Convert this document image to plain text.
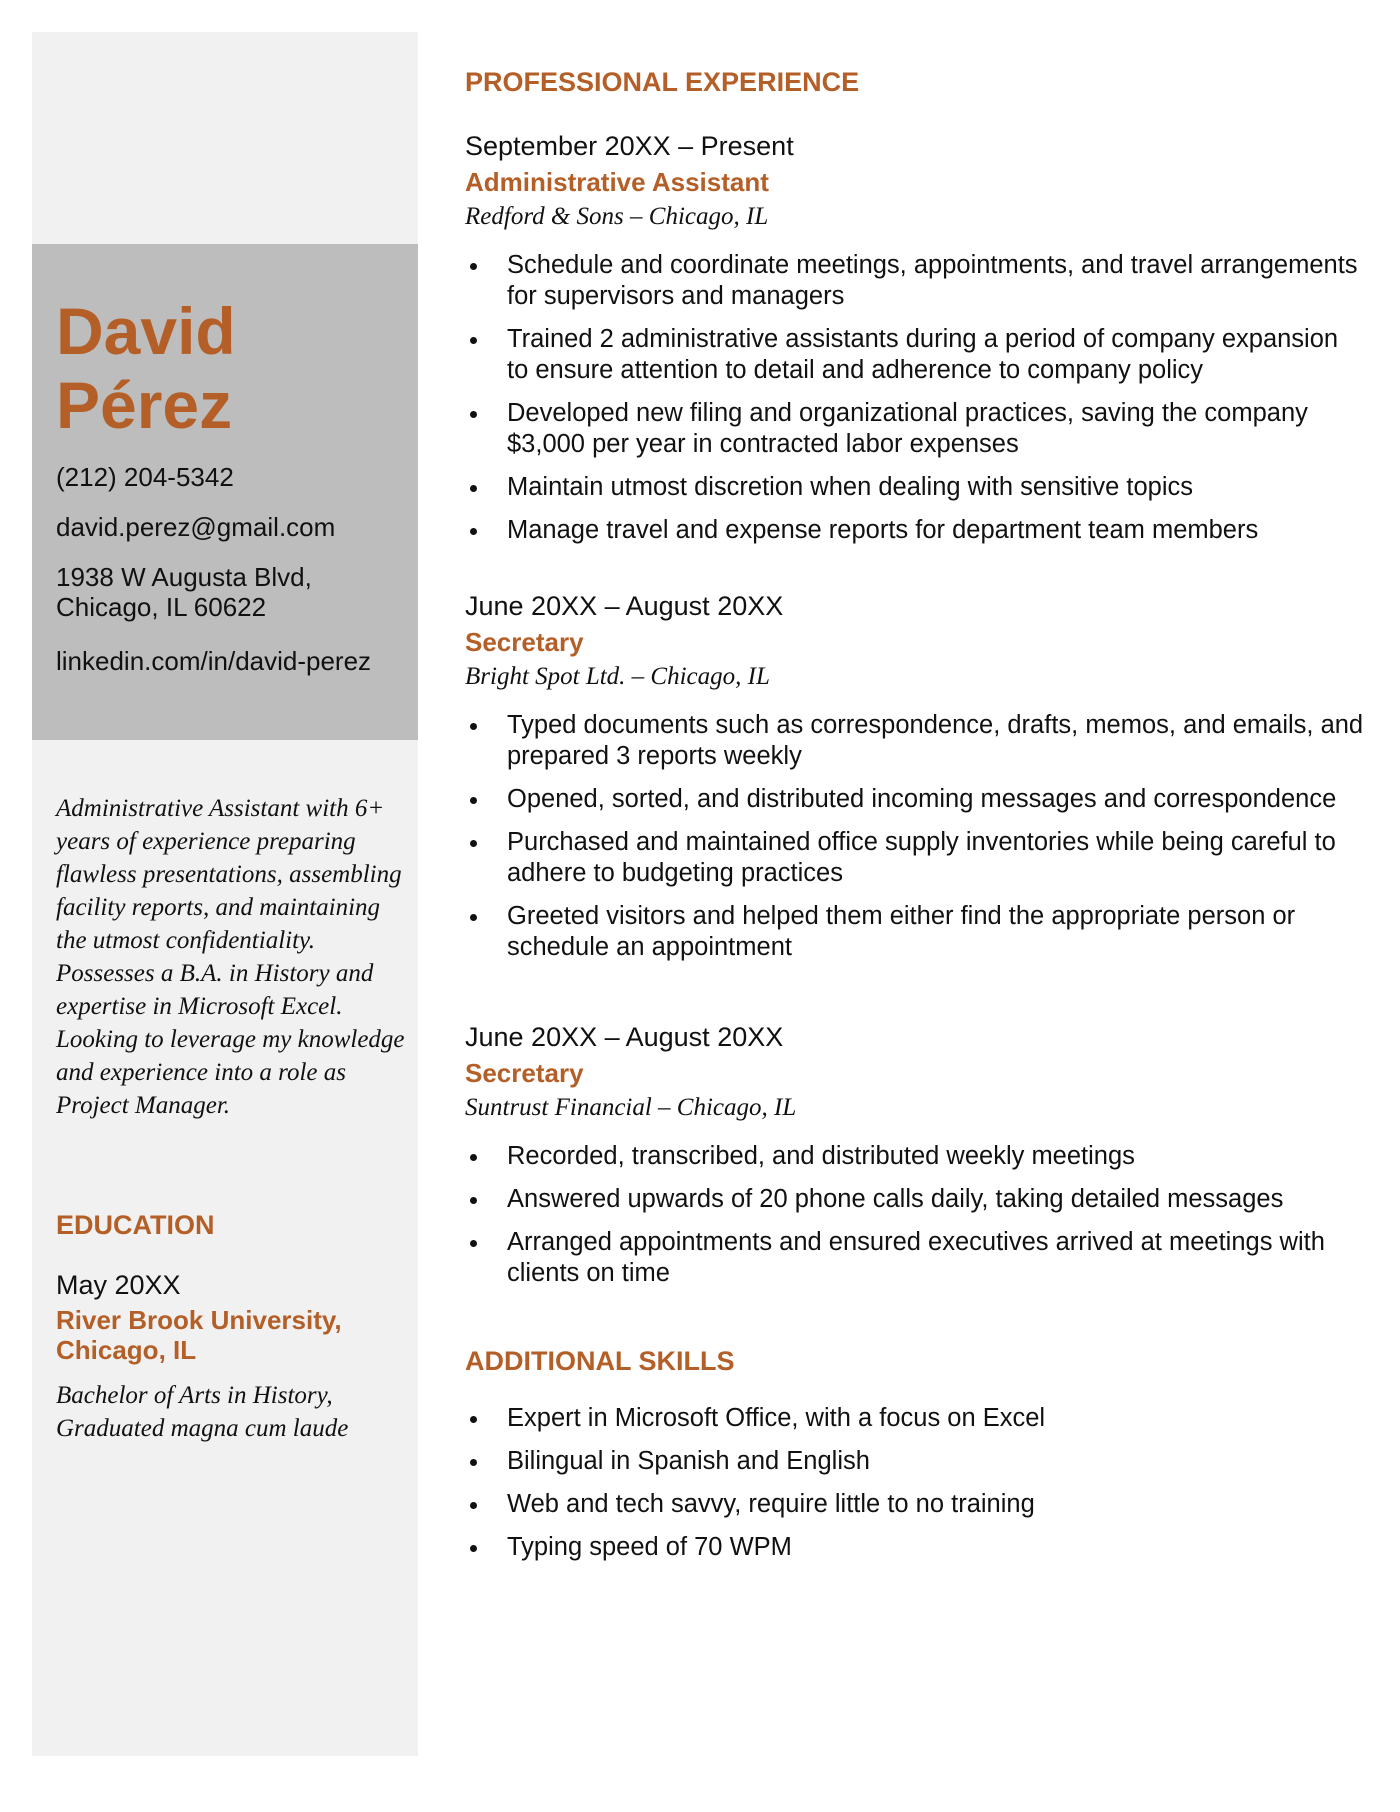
David
Pérez
(212) 204-5342
david.perez@gmail.com
1938 W Augusta Blvd,
Chicago, IL 60622
linkedin.com/in/david-perez

Administrative Assistant with 6+ years of experience preparing flawless presentations, assembling facility reports, and maintaining the utmost confidentiality. Possesses a B.A. in History and expertise in Microsoft Excel. Looking to leverage my knowledge and experience into a role as Project Manager.

EDUCATION
May 20XX
River Brook University,
Chicago, IL
Bachelor of Arts in History,
Graduated magna cum laude
PROFESSIONAL EXPERIENCE
September 20XX – Present
Administrative Assistant
Redford & Sons – Chicago, IL
Schedule and coordinate meetings, appointments, and travel arrangements for supervisors and managers
Trained 2 administrative assistants during a period of company expansion to ensure attention to detail and adherence to company policy
Developed new filing and organizational practices, saving the company $3,000 per year in contracted labor expenses
Maintain utmost discretion when dealing with sensitive topics
Manage travel and expense reports for department team members
June 20XX – August 20XX
Secretary
Bright Spot Ltd. – Chicago, IL
Typed documents such as correspondence, drafts, memos, and emails, and prepared 3 reports weekly
Opened, sorted, and distributed incoming messages and correspondence
Purchased and maintained office supply inventories while being careful to adhere to budgeting practices
Greeted visitors and helped them either find the appropriate person or schedule an appointment
June 20XX – August 20XX
Secretary
Suntrust Financial – Chicago, IL
Recorded, transcribed, and distributed weekly meetings
Answered upwards of 20 phone calls daily, taking detailed messages
Arranged appointments and ensured executives arrived at meetings with clients on time
ADDITIONAL SKILLS
Expert in Microsoft Office, with a focus on Excel
Bilingual in Spanish and English
Web and tech savvy, require little to no training
Typing speed of 70 WPM
